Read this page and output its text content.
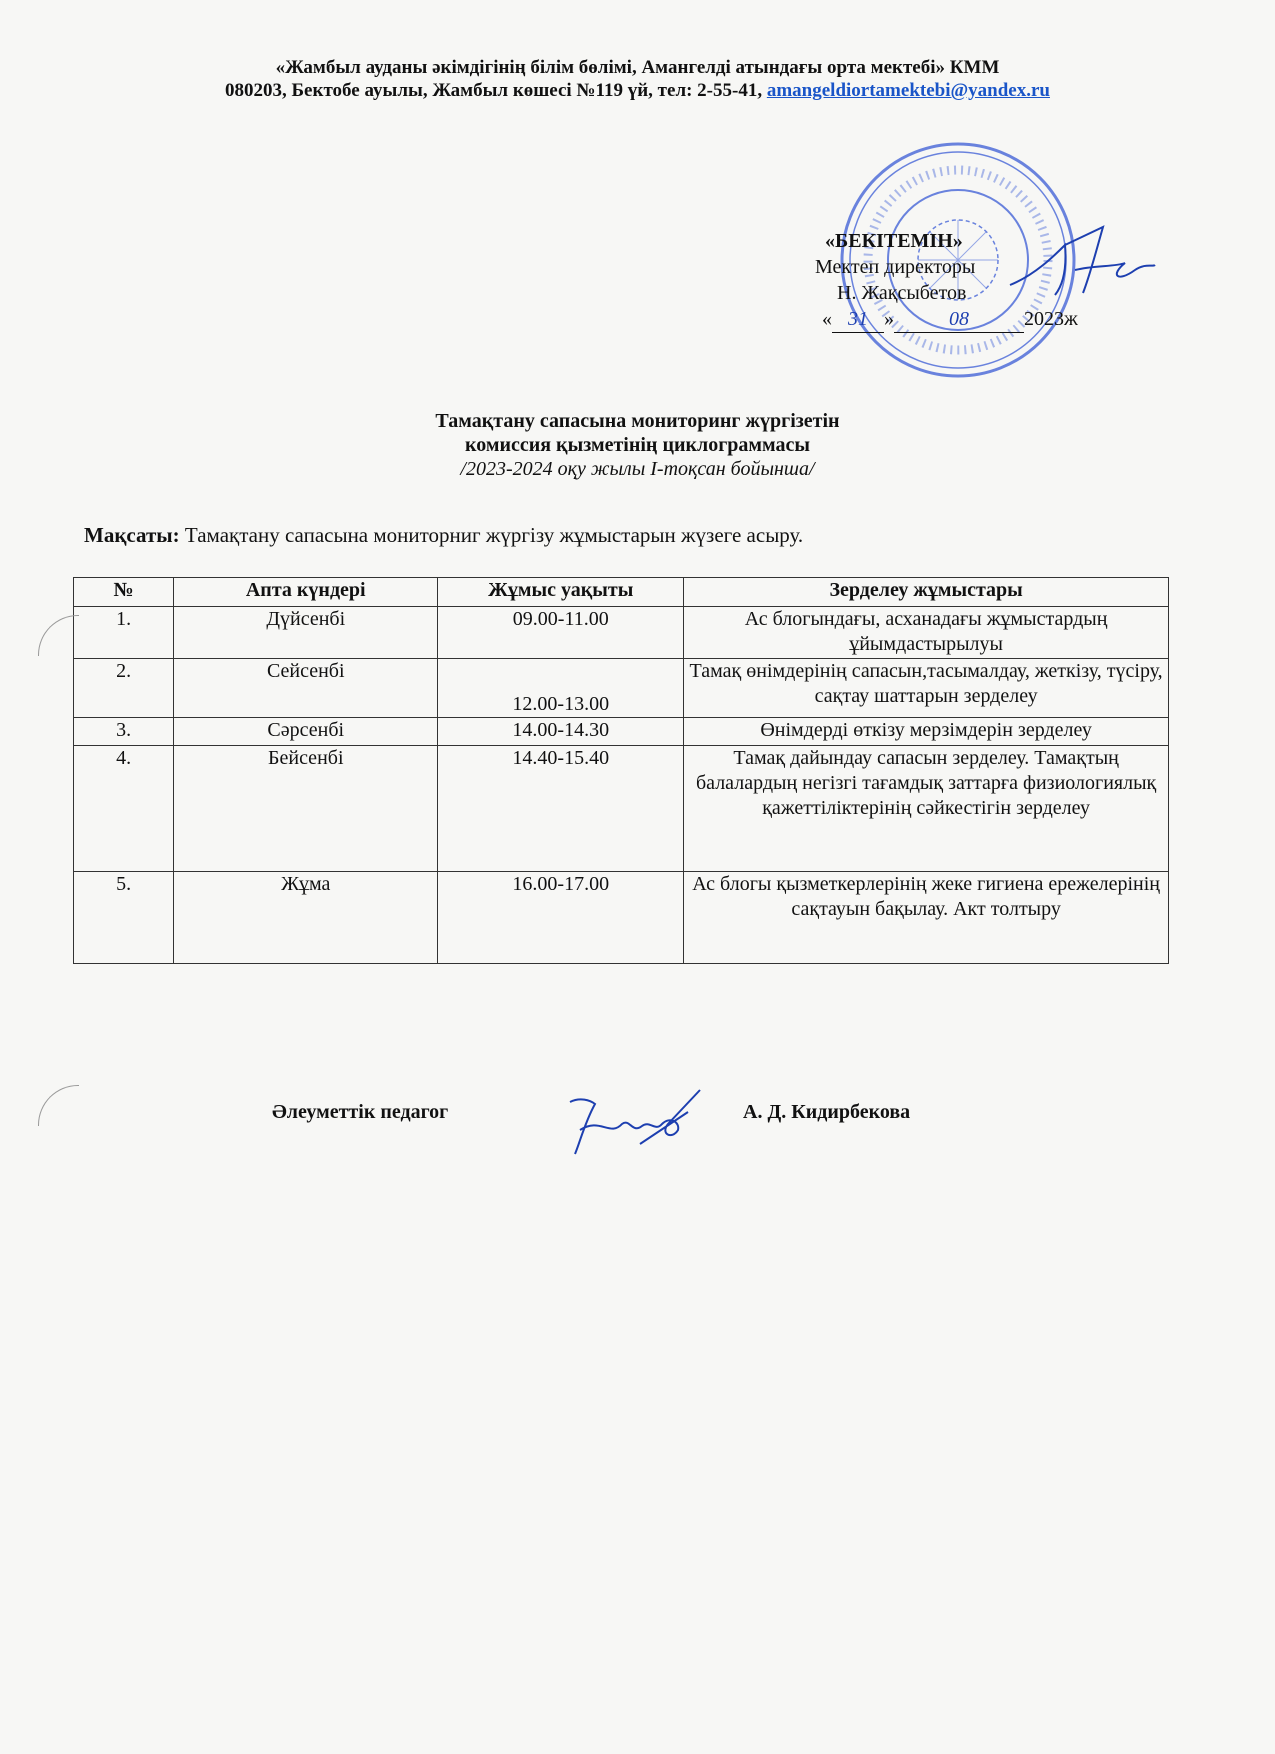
«Жамбыл ауданы әкімдігінің білім бөлімі, Амангелді атындағы орта мектебі» КММ
080203, Бектобе ауылы, Жамбыл көшесі №119 үй, тел: 2-55-41, amangeldiortamektebi@yandex.ru
«БЕКІТЕМІН»
Мектеп директоры
Н. Жақсыбетов
« 31 »	08	2023ж
Тамақтану сапасына мониторинг жүргізетін
комиссия қызметінің циклограммасы
/2023-2024 оқу жылы І-тоқсан бойынша/
Мақсаты: Тамақтану сапасына мониторниг жүргізу жұмыстарын жүзеге асыру.
№	Апта күндері	Жұмыс уақыты	Зерделеу жұмыстары
1.	Дүйсенбі	09.00-11.00	Ас блогындағы, асханадағы жұмыстардың ұйымдастырылуы
2.	Сейсенбі	12.00-13.00	Тамақ өнімдерінің сапасын,тасымалдау, жеткізу, түсіру, сақтау шаттарын зерделеу
3.	Сәрсенбі	14.00-14.30	Өнімдерді өткізу мерзімдерін зерделеу
4.	Бейсенбі	14.40-15.40	Тамақ дайындау сапасын зерделеу. Тамақтың балалардың негізгі тағамдық заттарға физиологиялық қажеттіліктерінің сәйкестігін зерделеу
5.	Жұма	16.00-17.00	Ас блогы қызметкерлерінің жеке гигиена ережелерінің сақтауын бақылау. Акт толтыру
Әлеуметтік педагог	А. Д. Кидирбекова
